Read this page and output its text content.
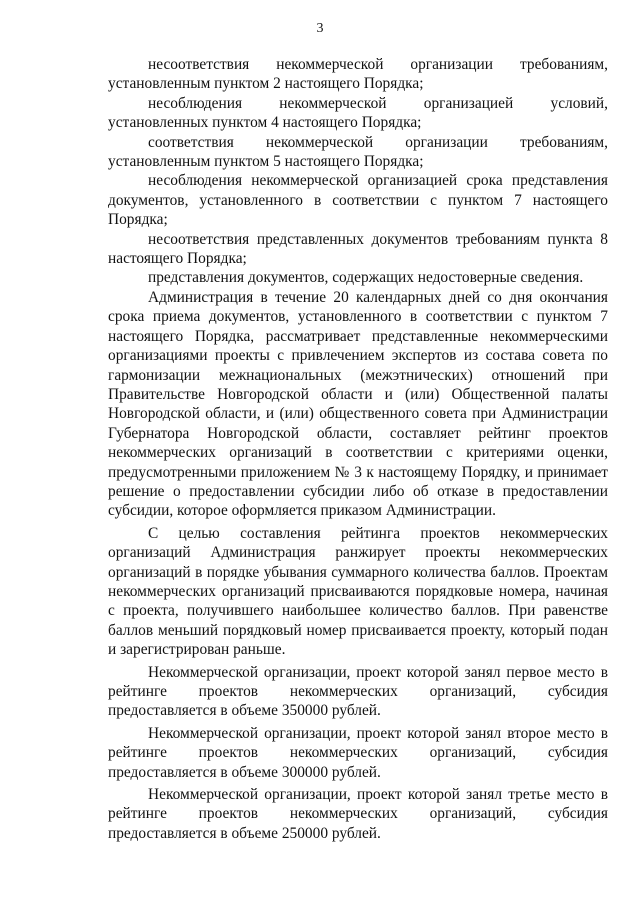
3

несоответствия некоммерческой организации требованиям, установленным пунктом 2 настоящего Порядка;

несоблюдения некоммерческой организацией условий, установленных пунктом 4 настоящего Порядка;

соответствия некоммерческой организации требованиям, установленным пунктом 5 настоящего Порядка;

несоблюдения некоммерческой организацией срока представления документов, установленного в соответствии с пунктом 7 настоящего Порядка;

несоответствия представленных документов требованиям пункта 8 настоящего Порядка;

представления документов, содержащих недостоверные сведения.

Администрация в течение 20 календарных дней со дня окончания срока приема документов, установленного в соответствии с пунктом 7 настоящего Порядка, рассматривает представленные некоммерческими организациями проекты с привлечением экспертов из состава совета по гармонизации межнациональных (межэтнических) отношений при Правительстве Новгородской области и (или) Общественной палаты Новгородской области, и (или) общественного совета при Администрации Губернатора Новгородской области, составляет рейтинг проектов некоммерческих организаций в соответствии с критериями оценки, предусмотренными приложением № 3 к настоящему Порядку, и принимает решение о предоставлении субсидии либо об отказе в предоставлении субсидии, которое оформляется приказом Администрации.

С целью составления рейтинга проектов некоммерческих организаций Администрация ранжирует проекты некоммерческих организаций в порядке убывания суммарного количества баллов. Проектам некоммерческих организаций присваиваются порядковые номера, начиная с проекта, получившего наибольшее количество баллов. При равенстве баллов меньший порядковый номер присваивается проекту, который подан и зарегистрирован раньше.

Некоммерческой организации, проект которой занял первое место в рейтинге проектов некоммерческих организаций, субсидия предоставляется в объеме 350000 рублей.

Некоммерческой организации, проект которой занял второе место в рейтинге проектов некоммерческих организаций, субсидия предоставляется в объеме 300000 рублей.

Некоммерческой организации, проект которой занял третье место в рейтинге проектов некоммерческих организаций, субсидия предоставляется в объеме 250000 рублей.
